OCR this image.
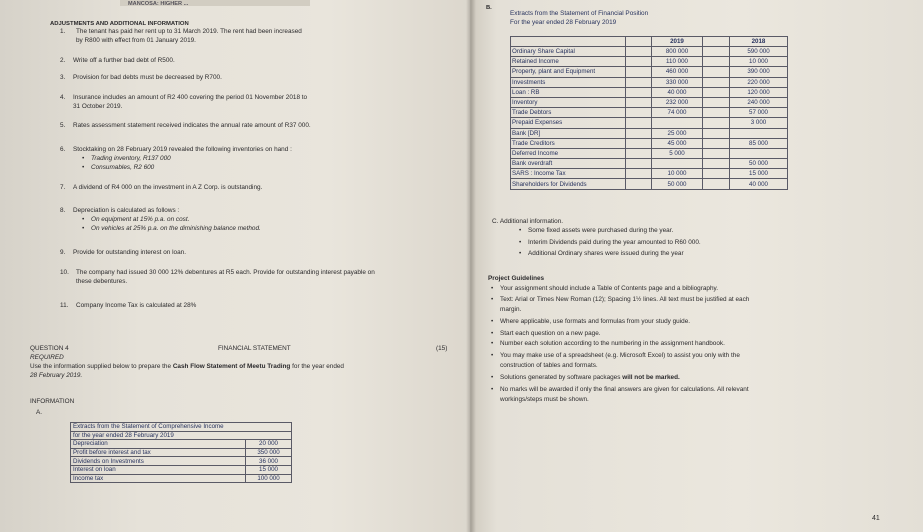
MANCOSA: HIGHER ...
ADJUSTMENTS AND ADDITIONAL INFORMATION
1. The tenant has paid her rent up to 31 March 2019. The rent had been increased
by R800 with effect from 01 January 2019.
2. Write off a further bad debt of R500.
3. Provision for bad debts must be decreased by R700.
4. Insurance includes an amount of R2 400 covering the period 01 November 2018 to
31 October 2019.
5. Rates assessment statement received indicates the annual rate amount of R37 000.
6. Stocktaking on 28 February 2019 revealed the following inventories on hand :
• Trading inventory, R137 000
• Consumables, R2 600
7. A dividend of R4 000 on the investment in A Z Corp. is outstanding.
8. Depreciation is calculated as follows :
• On equipment at 15% p.a. on cost.
• On vehicles at 25% p.a. on the diminishing balance method.
9. Provide for outstanding interest on loan.
10. The company had issued 30 000 12% debentures at R5 each. Provide for outstanding interest payable on
these debentures.
11. Company Income Tax is calculated at 28%
QUESTION 4	FINANCIAL STATEMENT	(15)
REQUIRED
Use the information supplied below to prepare the Cash Flow Statement of Meetu Trading for the year ended
28 February 2019.
INFORMATION
A.
Extracts from the Statement of Comprehensive Income	
for the year ended 28 February 2019	
Depreciation	20 000
Profit before interest and tax	350 000
Dividends on Investments	36 000
Interest on loan	15 000
Income tax	100 000
B.
Extracts from the Statement of Financial Position
For the year ended 28 February 2019
		2019		2018
Ordinary Share Capital		800 000		590 000
Retained Income		110 000		10 000
Property, plant and Equipment		460 000		390 000
Investments		330 000		220 000
Loan : RB		40 000		120 000
Inventory		232 000		240 000
Trade Debtors		74 000		57 000
Prepaid Expenses				3 000
Bank [DR]		25 000		
Trade Creditors		45 000		85 000
Deferred Income		5 000		
Bank overdraft				50 000
SARS : Income Tax		10 000		15 000
Shareholders for Dividends		50 000		40 000
C. Additional information.
• Some fixed assets were purchased during the year.
• Interim Dividends paid during the year amounted to R60 000.
• Additional Ordinary shares were issued during the year
Project Guidelines
• Your assignment should include a Table of Contents page and a bibliography.
• Text: Arial or Times New Roman (12); Spacing 1½ lines. All text must be justified at each
margin.
• Where applicable, use formats and formulas from your study guide.
• Start each question on a new page.
• Number each solution according to the numbering in the assignment handbook.
• You may make use of a spreadsheet (e.g. Microsoft Excel) to assist you only with the
construction of tables and formats.
• Solutions generated by software packages will not be marked.
• No marks will be awarded if only the final answers are given for calculations. All relevant
workings/steps must be shown.
41
